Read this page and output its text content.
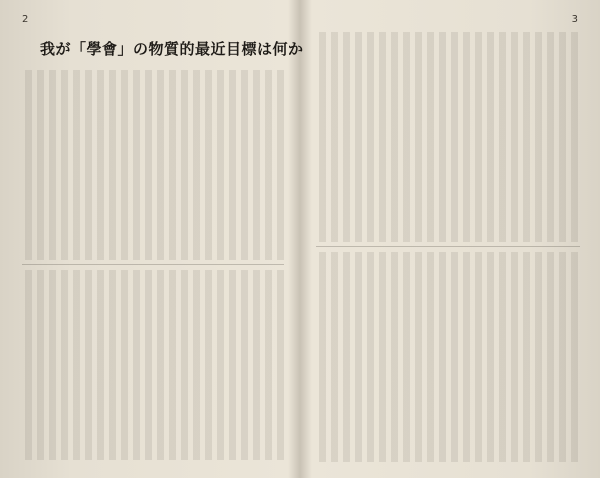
2
我が「學會」の物質的最近目標は何か
3
